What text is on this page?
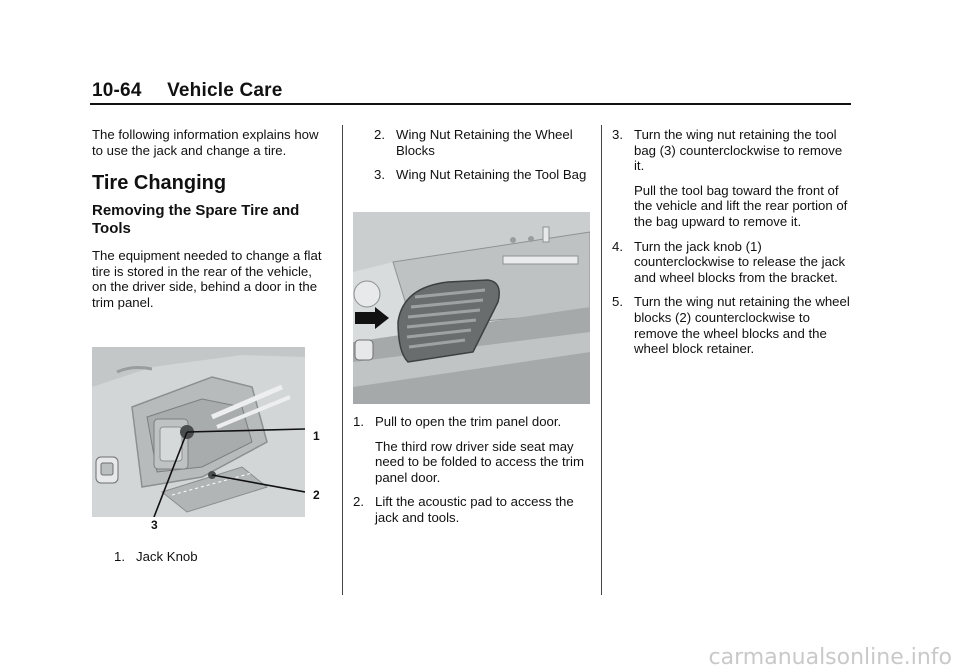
10-64 Vehicle Care

The following information explains how to use the jack and change a tire.

Tire Changing
Removing the Spare Tire and Tools

The equipment needed to change a flat tire is stored in the rear of the vehicle, on the driver side, behind a door in the trim panel.

1
2
3
1. Jack Knob
2. Wing Nut Retaining the Wheel Blocks
3. Wing Nut Retaining the Tool Bag
1. Pull to open the trim panel door.
The third row driver side seat may need to be folded to access the trim panel door.
2. Lift the acoustic pad to access the jack and tools.
3. Turn the wing nut retaining the tool bag (3) counterclockwise to remove it.
Pull the tool bag toward the front of the vehicle and lift the rear portion of the bag upward to remove it.
4. Turn the jack knob (1) counterclockwise to release the jack and wheel blocks from the bracket.
5. Turn the wing nut retaining the wheel blocks (2) counterclockwise to remove the wheel blocks and the wheel block retainer.
carmanualsonline.info
